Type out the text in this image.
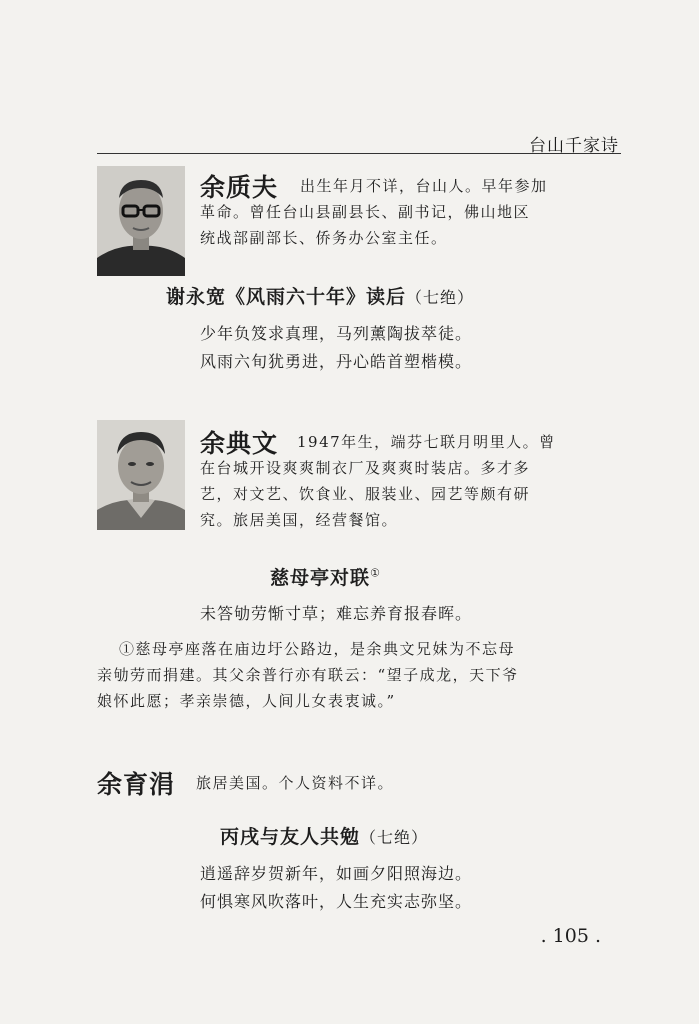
台山千家诗
余质夫 出生年月不详，台山人。早年参加
革命。曾任台山县副县长、副书记，佛山地区
统战部副部长、侨务办公室主任。
谢永宽《风雨六十年》读后（七绝）
少年负笈求真理，马列薰陶拔萃徒。
风雨六旬犹勇进，丹心皓首塑楷模。
余典文 1947年生，端芬七联月明里人。曾
在台城开设爽爽制衣厂及爽爽时装店。多才多
艺，对文艺、饮食业、服装业、园艺等颇有研
究。旅居美国，经营餐馆。
慈母亭对联①
未答劬劳惭寸草；难忘养育报春晖。
①慈母亭座落在庙边圩公路边，是余典文兄妹为不忘母
亲劬劳而捐建。其父余普行亦有联云：“望子成龙，天下爷
娘怀此愿；孝亲崇德，人间儿女表衷诚。”
余育涓 旅居美国。个人资料不详。
丙戌与友人共勉（七绝）
逍遥辞岁贺新年，如画夕阳照海边。
何惧寒风吹落叶，人生充实志弥坚。
. 105 .
